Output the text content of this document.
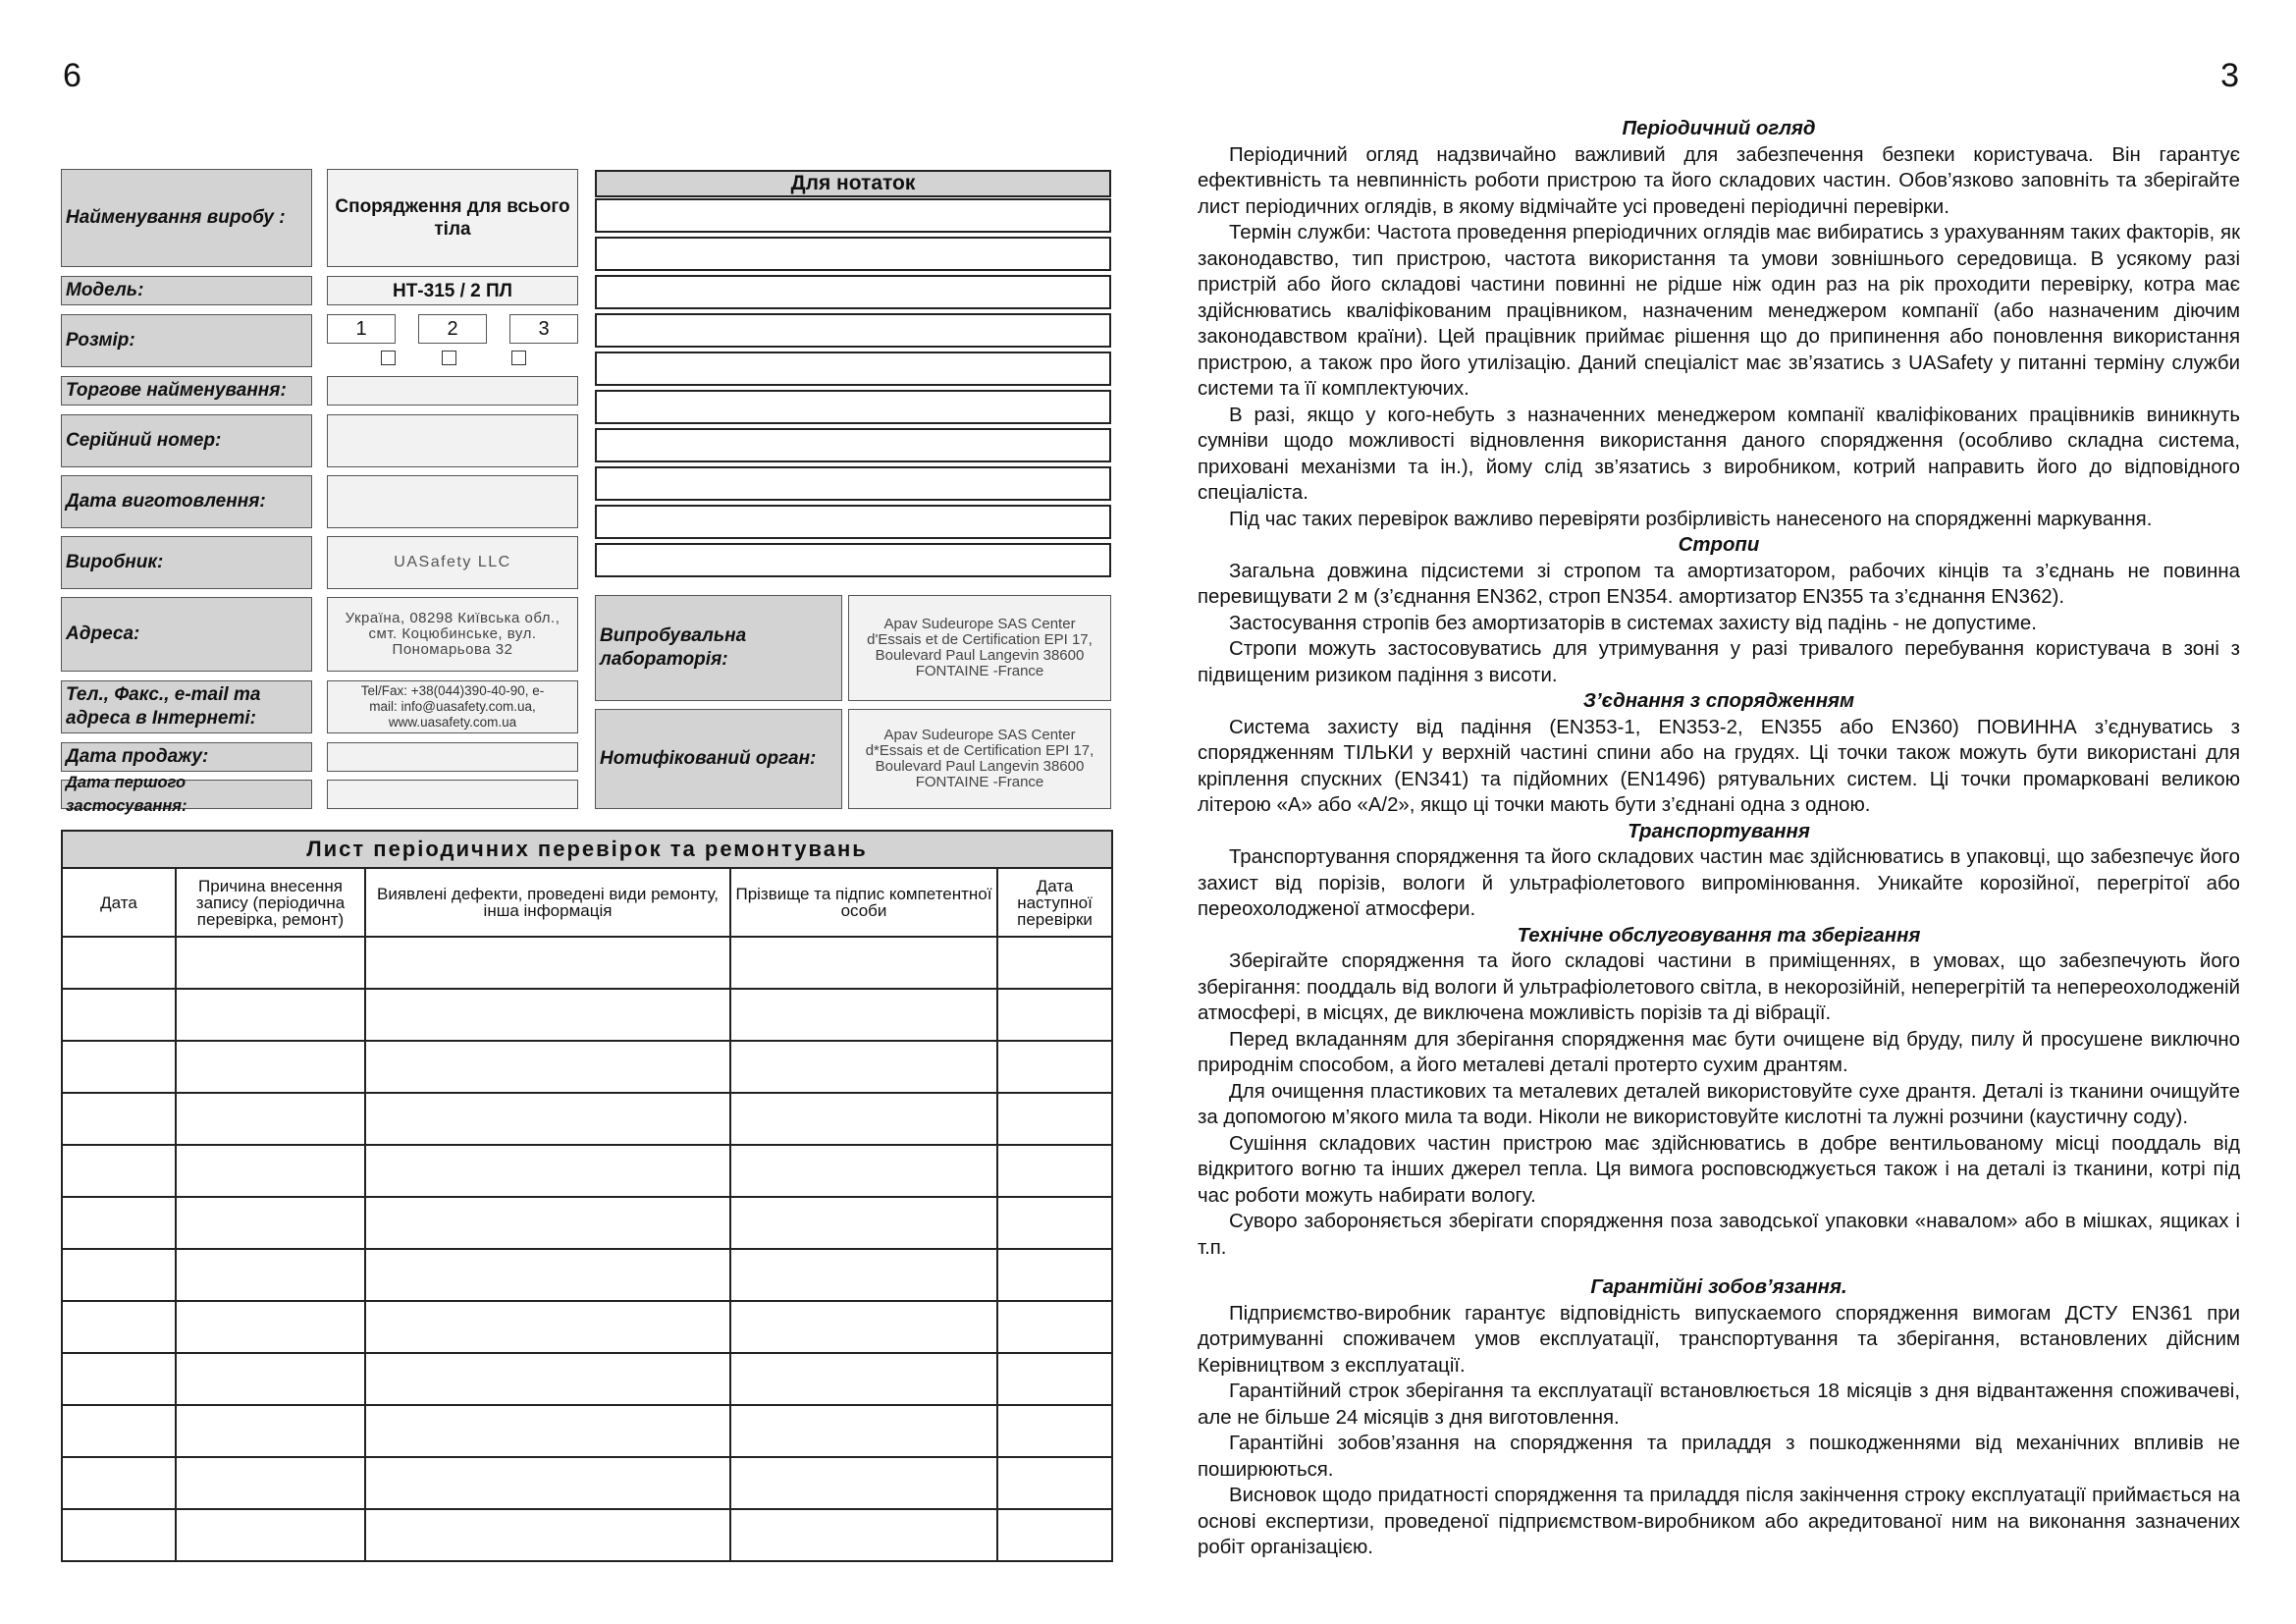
6	3
Найменування виробу :
Спорядження для всього тіла
Модель:	НТ-315 / 2 ПЛ
Розмір:
1	2	3
Торгове найменування:
Серійний номер:
Дата виготовлення:
Виробник:	UASafety LLC
Адреса:
Україна, 08298 Київська обл., смт. Коцюбинське, вул. Пономарьова 32
Тел., Факс., e-mail та адреса в Інтернеті:
Tel/Fax: +38(044)390-40-90, e-mail: info@uasafety.com.ua, www.uasafety.com.ua
Дата продажу:
Дата першого застосування:
Для нотаток
Випробувальна лабораторія:
Apav Sudeurope SAS Center d'Essais et de Certification EPI 17, Boulevard Paul Langevin 38600 FONTAINE -France
Нотифікований орган:
Apav Sudeurope SAS Center d*Essais et de Certification EPI 17, Boulevard Paul Langevin 38600 FONTAINE -France
Лист періодичних перевірок та ремонтувань				
Дата	Причина внесення запису (періодична перевірка, ремонт)	Виявлені дефекти, проведені види ремонту, інша інформація	Прізвище та підпис компетентної особи	Дата наступної перевірки

Періодичний огляд

Періодичний огляд надзвичайно важливий для забезпечення безпеки користувача. Він гарантує ефективність та невпинність роботи пристрою та його складових частин. Обов’язково заповніть та зберігайте лист періодичних оглядів, в якому відмічайте усі проведені періодичні перевірки.

Термін служби: Частота проведення рперіодичних оглядів має вибиратись з урахуванням таких факторів, як законодавство, тип пристрою, частота використання та умови зовнішнього середовища. В усякому разі пристрій або його складові частини повинні не рідше ніж один раз на рік проходити перевірку, котра має здійснюватись кваліфікованим працівником, назначеним менеджером компанії (або назначеним діючим законодавством країни). Цей працівник приймає рішення що до припинення або поновлення використання пристрою, а також про його утилізацію. Даний спеціаліст має зв’язатись з UASafety у питанні терміну служби системи та її комплектуючих.

В разі, якщо у кого-небуть з назначенних менеджером компанії кваліфікованих працівників виникнуть сумніви щодо можливості відновлення використання даного спорядження (особливо складна система, приховані механізми та ін.), йому слід зв’язатись з виробником, котрий направить його до відповідного спеціаліста.

Під час таких перевірок важливо перевіряти розбірливість нанесеного на спорядженні маркування.

Стропи

Загальна довжина підсистеми зі стропом та амортизатором, рабочих кінців та з’єднань не повинна перевищувати 2 м (з’єднання EN362, строп EN354. амортизатор EN355 та з’єднання EN362).

Застосування стропів без амортизаторів в системах захисту від падінь - не допустиме.

Стропи можуть застосовуватись для утримування у разі тривалого перебування користувача в зоні з підвищеним ризиком падіння з висоти.

З’єднання з спорядженням

Система захисту від падіння (EN353-1, EN353-2, EN355 або EN360) ПОВИННА з’єднуватись з спорядженням ТІЛЬКИ у верхній частині спини або на грудях. Ці точки також можуть бути використані для кріплення спускних (EN341) та підйомних (EN1496) рятувальних систем. Ці точки промарковані великою літерою «А» або «А/2», якщо ці точки мають бути з’єднані одна з одною.

Транспортування

Транспортування спорядження та його складових частин має здійснюватись в упаковці, що забезпечує його захист від порізів, вологи й ультрафіолетового випромінювання. Уникайте корозійної, перегрітої або переохолодженої атмосфери.

Технічне обслуговування та зберігання

Зберігайте спорядження та його складові частини в приміщеннях, в умовах, що забезпечують його зберігання: поoддаль від вологи й ультрафіолетового світла, в некорозійній, неперегрітій та непереохолодженій атмосфері, в місцях, де виключена можливість порізів та ді вібрації.

Перед вкладанням для зберігання спорядження має бути очищене від бруду, пилу й просушене виключно природнім способом, а його металеві деталі протерто сухим дрантям.

Для очищення пластикових та металевих деталей використовуйте сухе дрантя. Деталі із тканини очищуйте за допомогою м’якого мила та води. Ніколи не використовуйте кислотні та лужні розчини (каустичну соду).

Сушіння складових частин пристрою має здійснюватись в добре вентильованому місці поoддаль від відкритого вогню та інших джерел тепла. Ця вимога росповсюджується також і на деталі із тканини, котрі під час роботи можуть набирати вологу.

Суворо забороняється зберігати спорядження поза заводської упаковки «навалом» або в мішках, ящиках і т.п.

Гарантійні зобов’язання.

Підприємство-виробник гарантує відповідність випускаемого спорядження вимогам ДСТУ EN361 при дотримуванні споживачем умов експлуатації, транспортування та зберігання, встановлених дійсним Керівництвом з експлуатації.

Гарантійний строк зберігання та експлуатації встановлюється 18 місяців з дня відвантаження споживачеві, але не більше 24 місяців з дня виготовлення.

Гарантійні зобов’язання на спорядження та приладдя з пошкодженнями від механічних впливів не поширюються.

Висновок щодо придатності спорядження та приладдя після закінчення строку експлуатації приймається на основі експертизи, проведеної підприємством-виробником або акредитованої ним на виконання зазначених робіт організацією.
